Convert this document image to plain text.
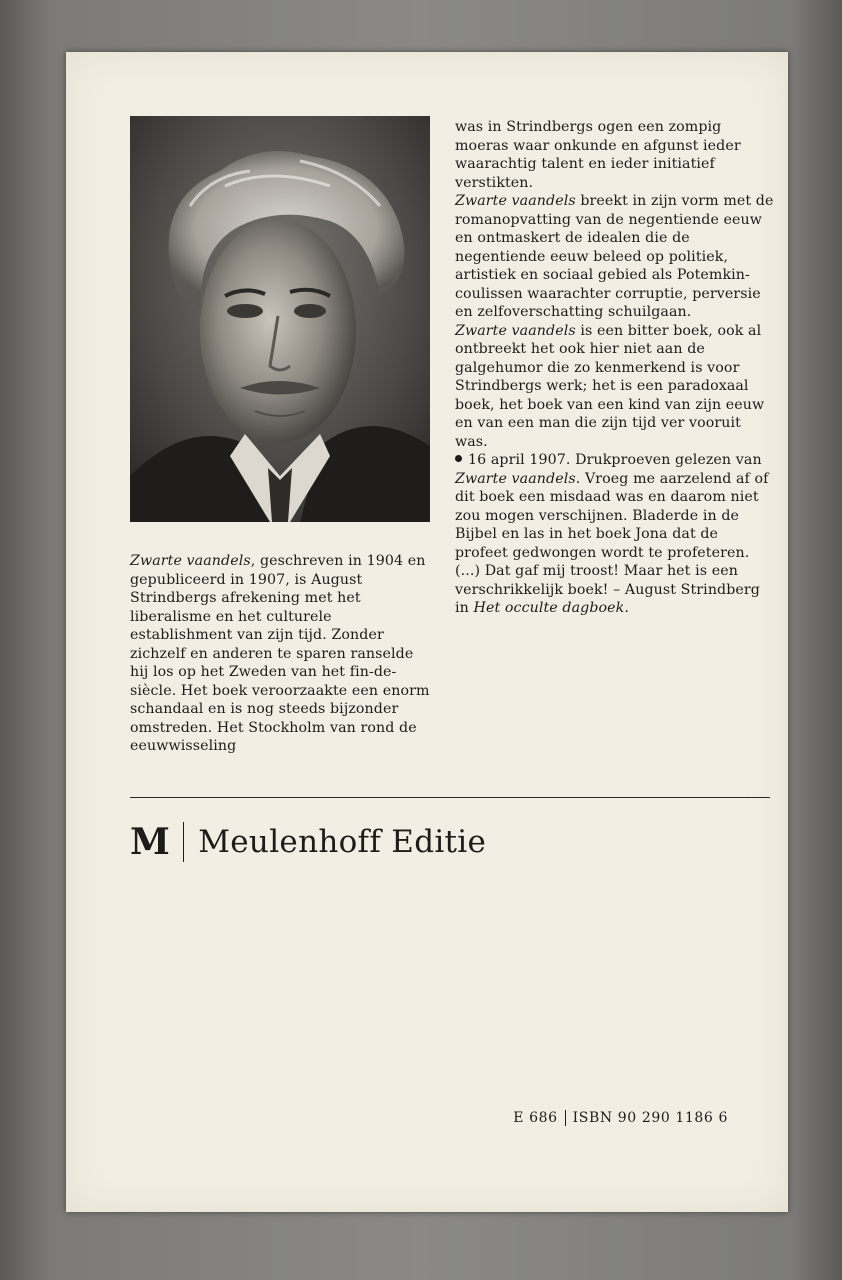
Zwarte vaandels, geschreven in 1904 en gepubliceerd in 1907, is August Strindbergs afrekening met het liberalisme en het culturele establishment van zijn tijd. Zonder zichzelf en anderen te sparen ranselde hij los op het Zweden van het fin-de-siècle. Het boek veroorzaakte een enorm schandaal en is nog steeds bijzonder omstreden. Het Stockholm van rond de eeuwwisseling

was in Strindbergs ogen een zompig moeras waar onkunde en afgunst ieder waarachtig talent en ieder initiatief verstikten.

Zwarte vaandels breekt in zijn vorm met de romanopvatting van de negentiende eeuw en ontmaskert de idealen die de negentiende eeuw beleed op politiek, artistiek en sociaal gebied als Potemkin-coulissen waarachter corruptie, perversie en zelfoverschatting schuilgaan.

Zwarte vaandels is een bitter boek, ook al ontbreekt het ook hier niet aan de galgehumor die zo kenmerkend is voor Strindbergs werk; het is een paradoxaal boek, het boek van een kind van zijn eeuw en van een man die zijn tijd ver vooruit was.

16 april 1907. Drukproeven gelezen van Zwarte vaandels. Vroeg me aarzelend af of dit boek een misdaad was en daarom niet zou mogen verschijnen. Bladerde in de Bijbel en las in het boek Jona dat de profeet gedwongen wordt te profeteren. (...) Dat gaf mij troost! Maar het is een verschrikkelijk boek! – August Strindberg in Het occulte dagboek.

M Meulenhoff Editie
E 686 ISBN 90 290 1186 6
